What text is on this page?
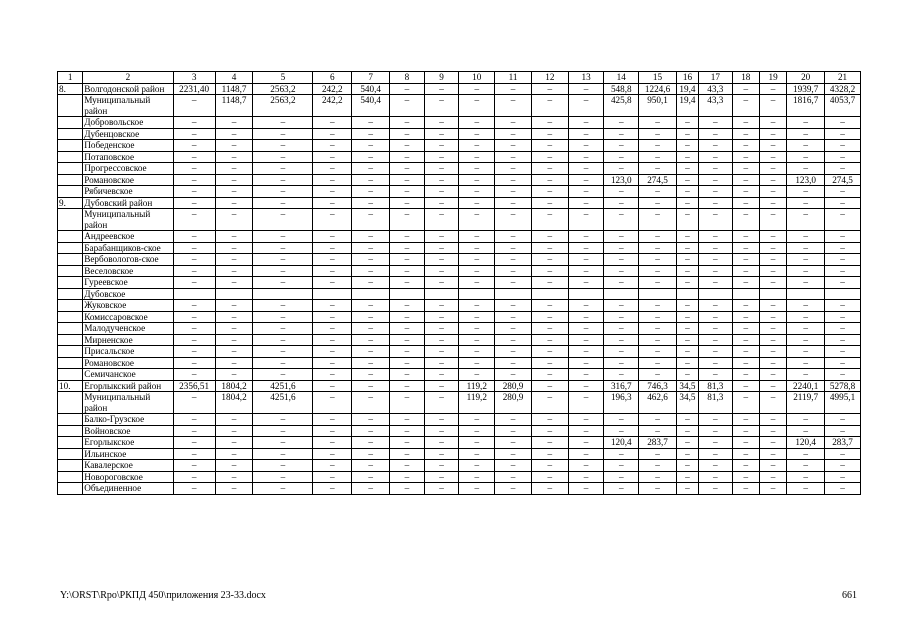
1	2	3	4	5	6	7	8	9	10	11	12	13	14	15	16	17	18	19	20	21
8.	Волгодонской район	2231,40	1148,7	2563,2	242,2	540,4	–	–	–	–	–	–	548,8	1224,6	19,4	43,3	–	–	1939,7	4328,2
	Муниципальный район	–	1148,7	2563,2	242,2	540,4	–	–	–	–	–	–	425,8	950,1	19,4	43,3	–	–	1816,7	4053,7
	Добровольское	–	–	–	–	–	–	–	–	–	–	–	–	–	–	–	–	–	–	–
	Дубенцовское	–	–	–	–	–	–	–	–	–	–	–	–	–	–	–	–	–	–	–
	Победенское	–	–	–	–	–	–	–	–	–	–	–	–	–	–	–	–	–	–	–
	Потаповское	–	–	–	–	–	–	–	–	–	–	–	–	–	–	–	–	–	–	–
	Прогрессовское	–	–	–	–	–	–	–	–	–	–	–	–	–	–	–	–	–	–	–
	Романовское	–	–	–	–	–	–	–	–	–	–	–	123,0	274,5	–	–	–	–	123,0	274,5
	Рябичевское	–	–	–	–	–	–	–	–	–	–	–	–	–	–	–	–	–	–	–
9.	Дубовский район	–	–	–	–	–	–	–	–	–	–	–	–	–	–	–	–	–	–	–
	Муниципальный район	–	–	–	–	–	–	–	–	–	–	–	–	–	–	–	–	–	–	–
	Андреевское	–	–	–	–	–	–	–	–	–	–	–	–	–	–	–	–	–	–	–
	Барабанщиков-ское	–	–	–	–	–	–	–	–	–	–	–	–	–	–	–	–	–	–	–
	Вербовологов-ское	–	–	–	–	–	–	–	–	–	–	–	–	–	–	–	–	–	–	–
	Веселовское	–	–	–	–	–	–	–	–	–	–	–	–	–	–	–	–	–	–	–
	Гуреевское	–	–	–	–	–	–	–	–	–	–	–	–	–	–	–	–	–	–	–
	Дубовское																			
	Жуковское	–	–	–	–	–	–	–	–	–	–	–	–	–	–	–	–	–	–	–
	Комиссаровское	–	–	–	–	–	–	–	–	–	–	–	–	–	–	–	–	–	–	–
	Малодученское	–	–	–	–	–	–	–	–	–	–	–	–	–	–	–	–	–	–	–
	Мирненское	–	–	–	–	–	–	–	–	–	–	–	–	–	–	–	–	–	–	–
	Присальское	–	–	–	–	–	–	–	–	–	–	–	–	–	–	–	–	–	–	–
	Романовское	–	–	–	–	–	–	–	–	–	–	–	–	–	–	–	–	–	–	–
	Семичанское	–	–	–	–	–	–	–	–	–	–	–	–	–	–	–	–	–	–	–
10.	Егорлыкский район	2356,51	1804,2	4251,6	–	–	–	–	119,2	280,9	–	–	316,7	746,3	34,5	81,3	–	–	2240,1	5278,8
	Муниципальный район	–	1804,2	4251,6	–	–	–	–	119,2	280,9	–	–	196,3	462,6	34,5	81,3	–	–	2119,7	4995,1
	Балко-Грузское	–	–	–	–	–	–	–	–	–	–	–	–	–	–	–	–	–	–	–
	Войновское	–	–	–	–	–	–	–	–	–	–	–	–	–	–	–	–	–	–	–
	Егорлыкское	–	–	–	–	–	–	–	–	–	–	–	120,4	283,7	–	–	–	–	120,4	283,7
	Ильинское	–	–	–	–	–	–	–	–	–	–	–	–	–	–	–	–	–	–	–
	Кавалерское	–	–	–	–	–	–	–	–	–	–	–	–	–	–	–	–	–	–	–
	Новороговское	–	–	–	–	–	–	–	–	–	–	–	–	–	–	–	–	–	–	–
	Объединенное	–	–	–	–	–	–	–	–	–	–	–	–	–	–	–	–	–	–	–
Y:\ORST\Rpo\РКПД 450\приложения 23-33.docx	661
